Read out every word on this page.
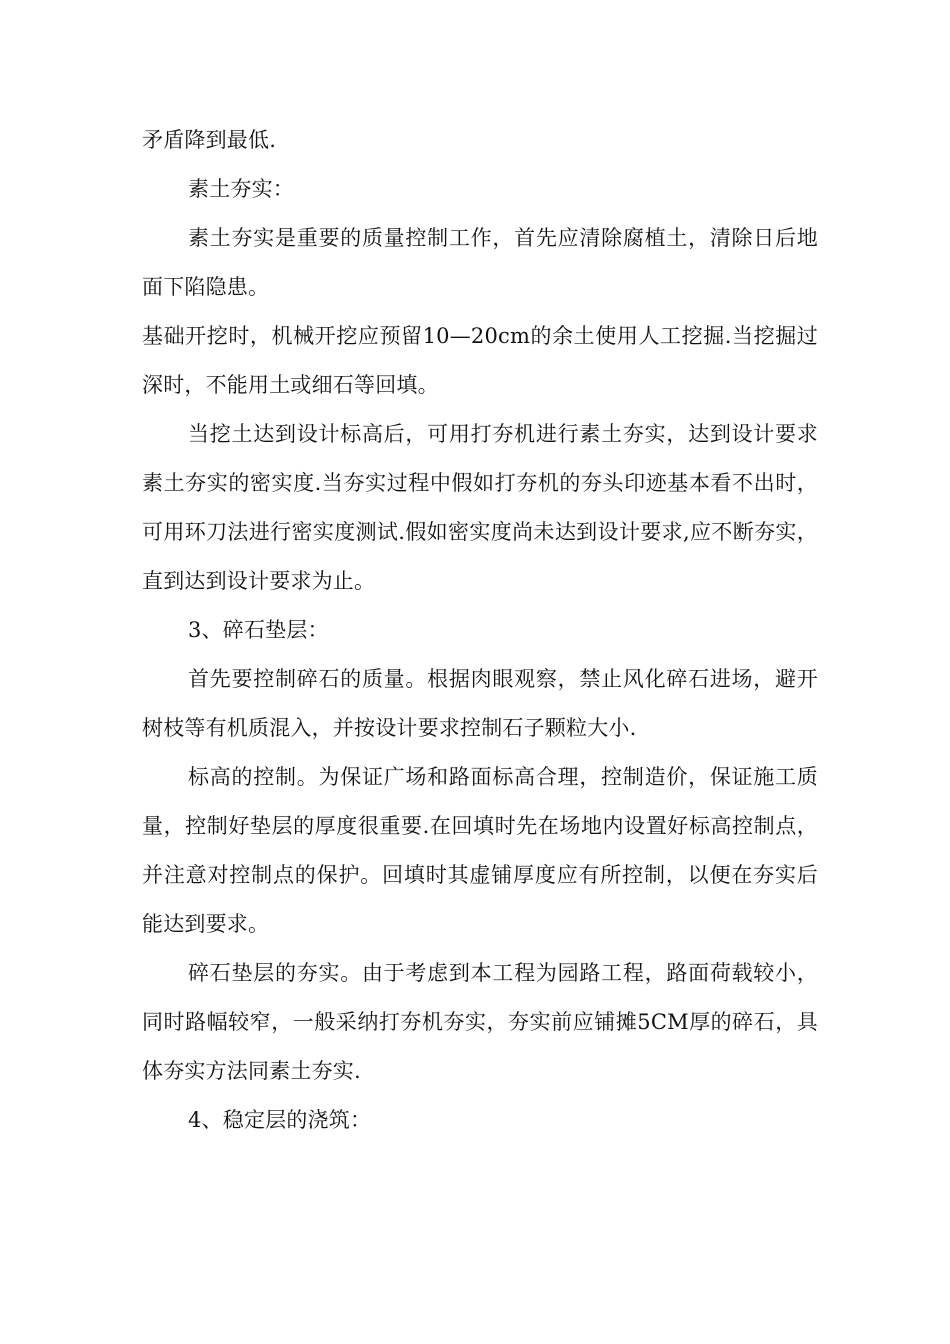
矛盾降到最低.

素土夯实：

素土夯实是重要的质量控制工作，首先应清除腐植土，清除日后地面下陷隐患。

基础开挖时，机械开挖应预留10—20cm的余土使用人工挖掘.当挖掘过深时，不能用土或细石等回填。

当挖土达到设计标高后，可用打夯机进行素土夯实，达到设计要求素土夯实的密实度.当夯实过程中假如打夯机的夯头印迹基本看不出时，可用环刀法进行密实度测试.假如密实度尚未达到设计要求,应不断夯实，直到达到设计要求为止。

3、碎石垫层：

首先要控制碎石的质量。根据肉眼观察，禁止风化碎石进场，避开树枝等有机质混入，并按设计要求控制石子颗粒大小.

标高的控制。为保证广场和路面标高合理，控制造价，保证施工质量，控制好垫层的厚度很重要.在回填时先在场地内设置好标高控制点，并注意对控制点的保护。回填时其虚铺厚度应有所控制，以便在夯实后能达到要求。

碎石垫层的夯实。由于考虑到本工程为园路工程，路面荷载较小，同时路幅较窄，一般采纳打夯机夯实，夯实前应铺摊5CM厚的碎石，具体夯实方法同素土夯实.

4、稳定层的浇筑：
